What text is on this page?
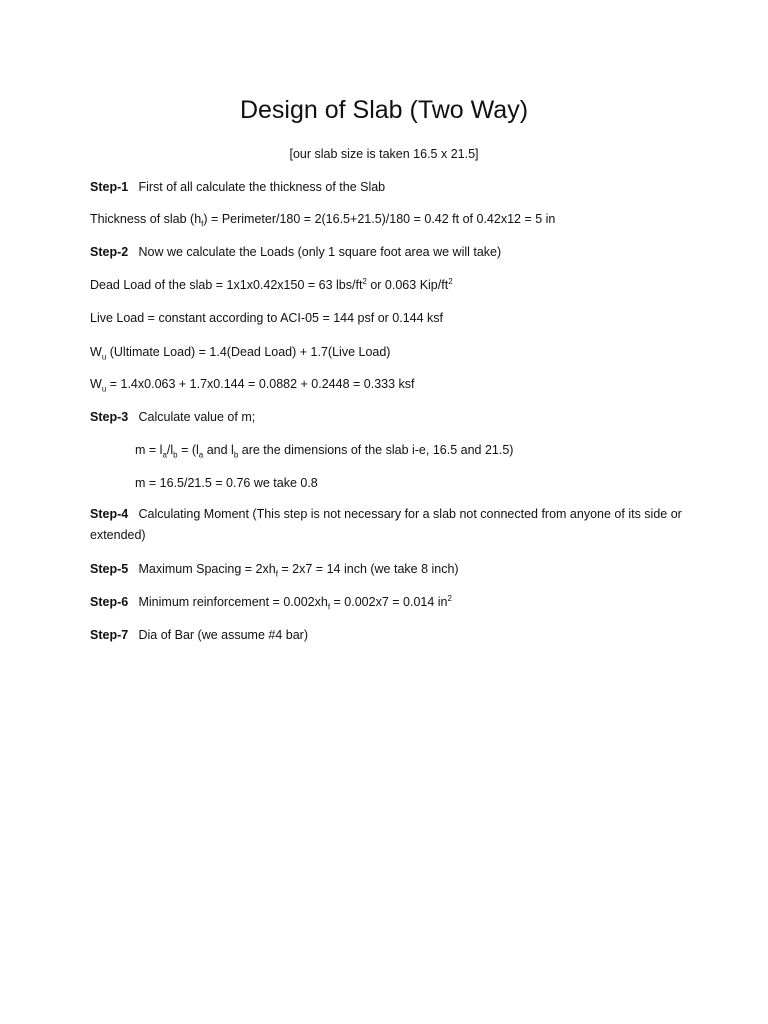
Design of Slab (Two Way)
[our slab size is taken 16.5 x 21.5]
Step-1 First of all calculate the thickness of the Slab
Thickness of slab $(h_f)$ = Perimeter/180 = 2(16.5+21.5)/180 = 0.42 ft of 0.42x12 = 5 in
Step-2 Now we calculate the Loads (only 1 square foot area we will take)
Dead Load of the slab = 1x1x0.42x150 = 63 lbs/$ft^2$ or 0.063 Kip/$ft^2$
Live Load = constant according to ACI-05 = 144 psf or 0.144 ksf
$W_u$ (Ultimate Load) = 1.4(Dead Load) + 1.7(Live Load)
$W_u = 1.4x0.063 + 1.7x0.144 = 0.0882 + 0.2448 = 0.333$ ksf
Step-3 Calculate value of m;
$m = l_a/l_b = (l_a$ and $l_b$ are the dimensions of the slab i-e, 16.5 and 21.5)
m = 16.5/21.5 = 0.76 we take 0.8
Step-4 Calculating Moment (This step is not necessary for a slab not connected from anyone of its side or extended)
Step-5 Maximum Spacing = $2xh_f = 2x7 = 14$ inch (we take 8 inch)
Step-6 Minimum reinforcement = $0.002xh_f = 0.002x7 = 0.014$ $in^2$
Step-7 Dia of Bar (we assume #4 bar)
